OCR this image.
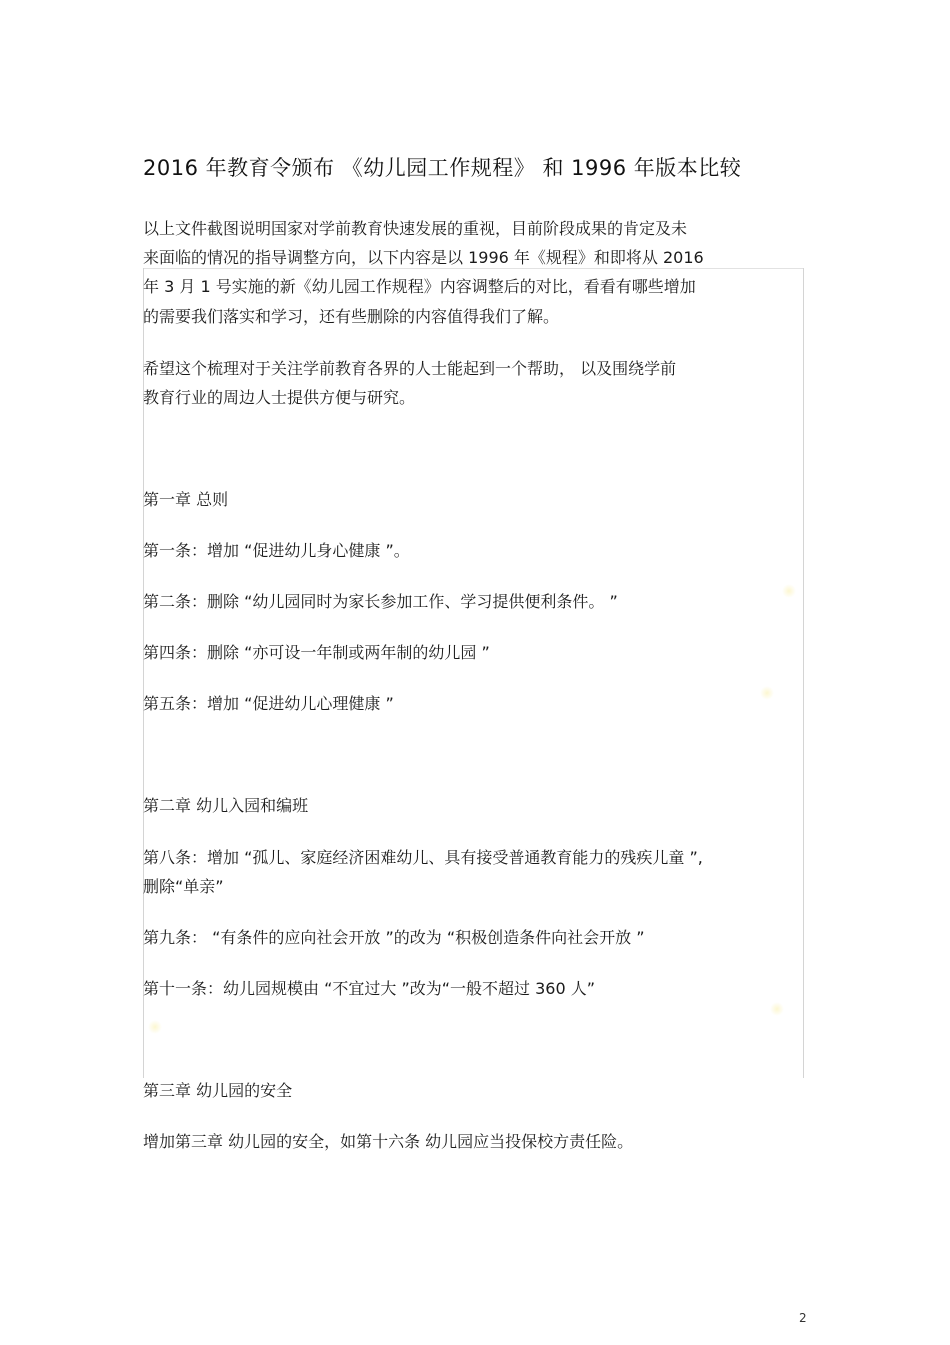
2016 年教育令颁布 《幼儿园工作规程》 和 1996 年版本比较
以上文件截图说明国家对学前教育快速发展的重视，目前阶段成果的肯定及未
来面临的情况的指导调整方向，以下内容是以 1996 年《规程》和即将从 2016
年 3 月 1 号实施的新《幼儿园工作规程》内容调整后的对比，看看有哪些增加
的需要我们落实和学习，还有些删除的内容值得我们了解。
希望这个梳理对于关注学前教育各界的人士能起到一个帮助， 以及围绕学前
教育行业的周边人士提供方便与研究。
第一章 总则
第一条：增加 “促进幼儿身心健康 ”。
第二条：删除 “幼儿园同时为家长参加工作、学习提供便利条件。 ”
第四条：删除 “亦可设一年制或两年制的幼儿园 ”
第五条：增加 “促进幼儿心理健康 ”
第二章 幼儿入园和编班
第八条：增加 “孤儿、家庭经济困难幼儿、具有接受普通教育能力的残疾儿童 ”,
删除“单亲”
第九条： “有条件的应向社会开放 ”的改为 “积极创造条件向社会开放 ”
第十一条：幼儿园规模由 “不宜过大 ”改为“一般不超过 360 人”
第三章 幼儿园的安全
增加第三章 幼儿园的安全，如第十六条 幼儿园应当投保校方责任险。
2
